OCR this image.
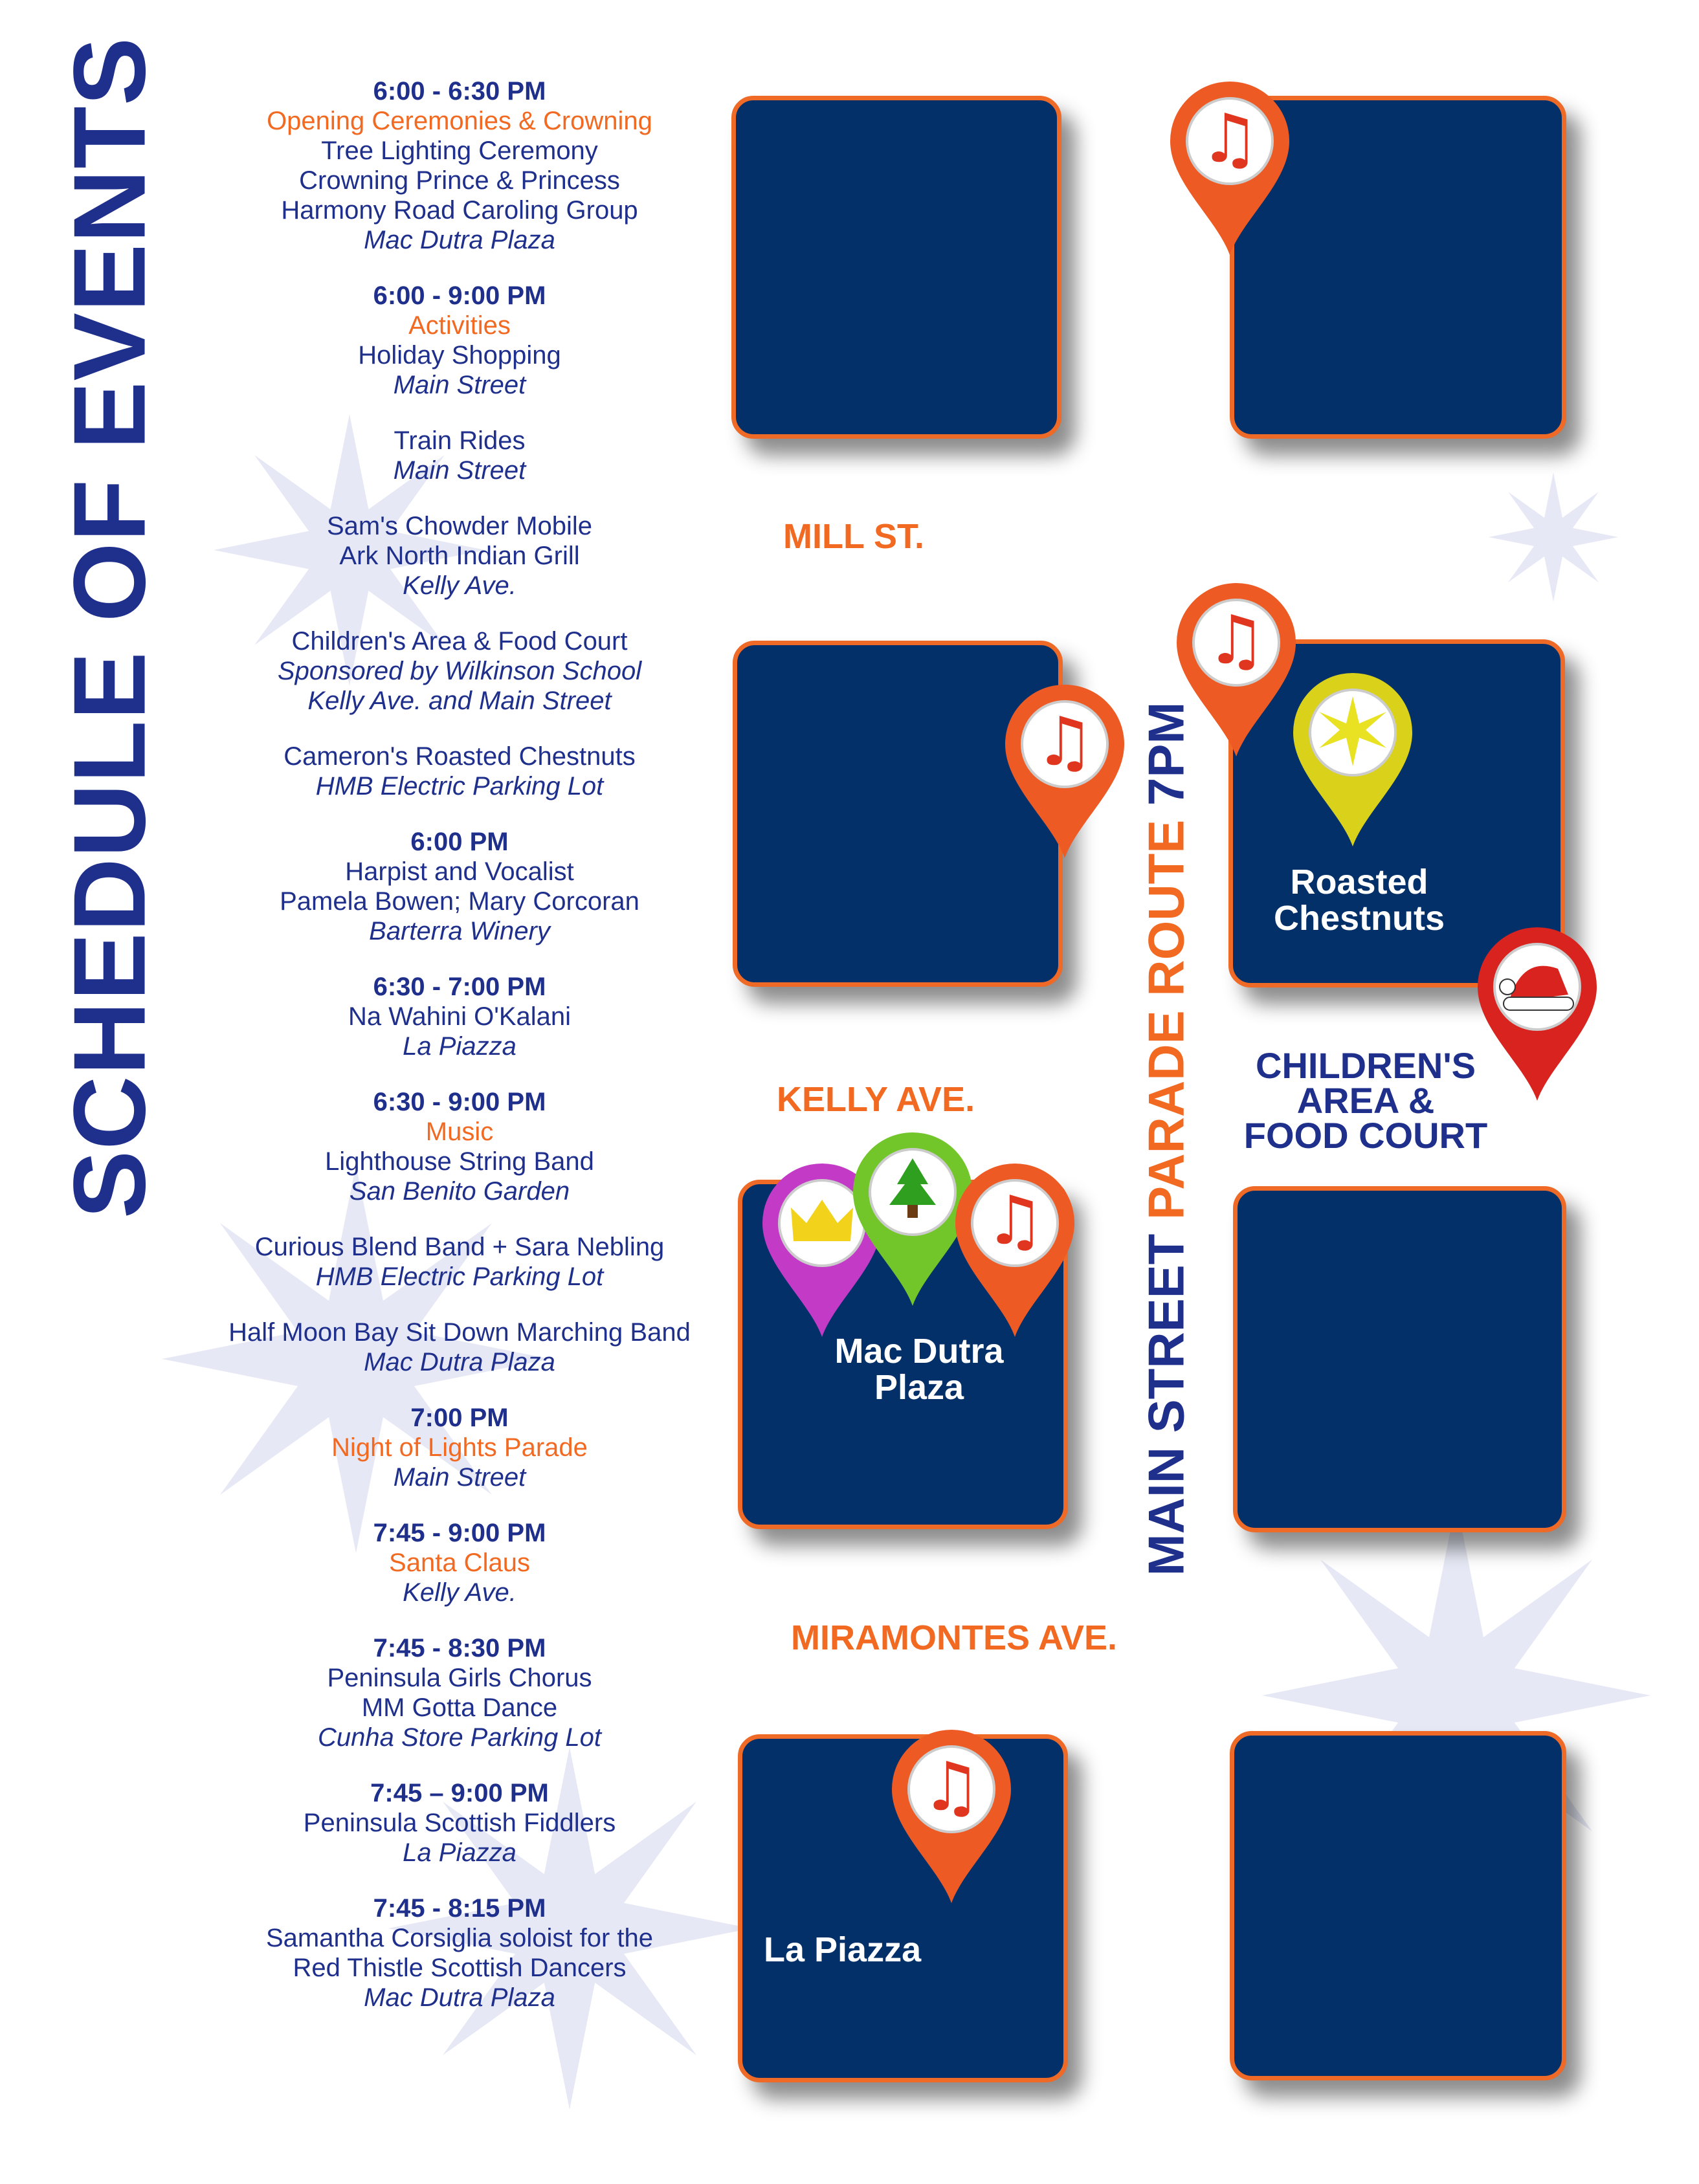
SCHEDULE OF EVENTS	6:00 - 6:30 PM
Opening Ceremonies & Crowning
Tree Lighting Ceremony
Crowning Prince & Princess
Harmony Road Caroling Group
Mac Dutra Plaza
6:00 - 9:00 PM
Activities
Holiday Shopping
Main Street
Train Rides
Main Street
Sam's Chowder Mobile
Ark North Indian Grill
Kelly Ave.
Children's Area & Food Court
Sponsored by Wilkinson School
Kelly Ave. and Main Street
Cameron's Roasted Chestnuts
HMB Electric Parking Lot
6:00 PM
Harpist and Vocalist
Pamela Bowen; Mary Corcoran
Barterra Winery
6:30 - 7:00 PM
Na Wahini O'Kalani
La Piazza
6:30 - 9:00 PM
Music
Lighthouse String Band
San Benito Garden
Curious Blend Band + Sara Nebling
HMB Electric Parking Lot
Half Moon Bay Sit Down Marching Band
Mac Dutra Plaza
7:00 PM
Night of Lights Parade
Main Street
7:45 - 9:00 PM
Santa Claus
Kelly Ave.
7:45 - 8:30 PM
Peninsula Girls Chorus
MM Gotta Dance
Cunha Store Parking Lot
7:45 – 9:00 PM
Peninsula Scottish Fiddlers
La Piazza
7:45 - 8:15 PM
Samantha Corsiglia soloist for the
Red Thistle Scottish Dancers
Mac Dutra Plaza
MILL ST.
KELLY AVE.
MIRAMONTES AVE.
MAIN STREET PARADE ROUTE 7PM
Roasted
Chestnuts
Mac Dutra
Plaza
La Piazza
CHILDREN'S
AREA &
FOOD COURT
♫
♫
♫
♫
♫
